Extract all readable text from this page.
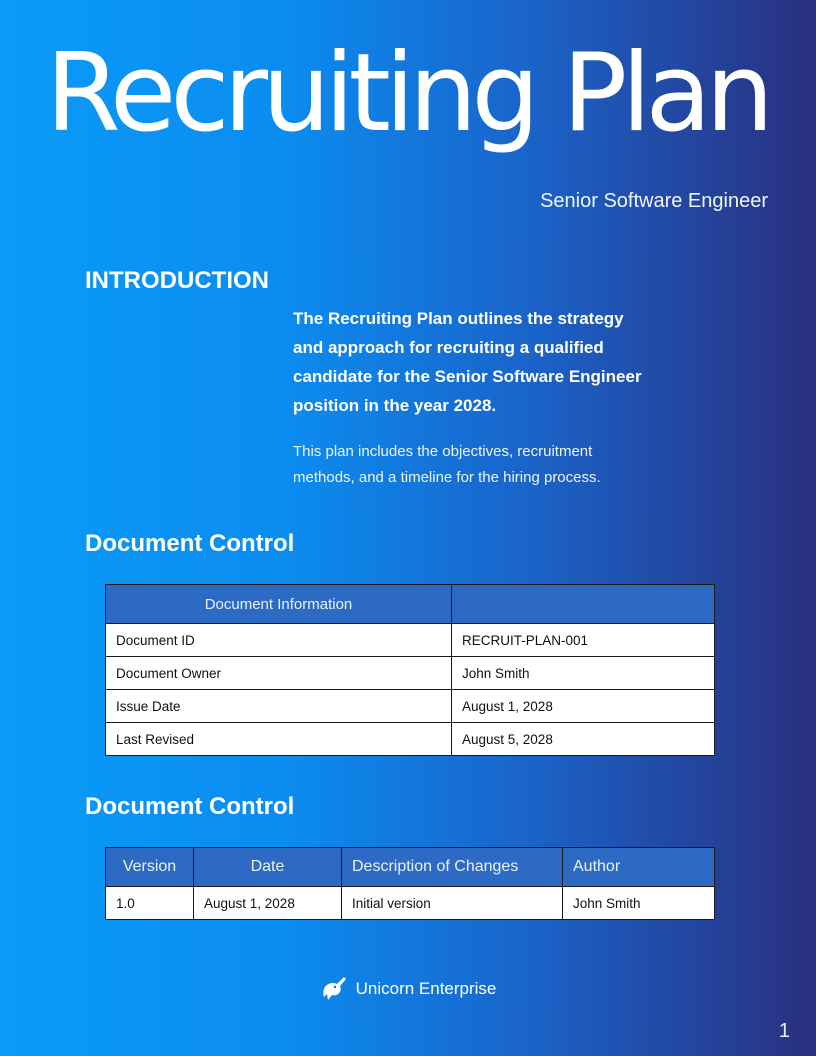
Recruiting Plan
Senior Software Engineer
INTRODUCTION

The Recruiting Plan outlines the strategy and approach for recruiting a qualified candidate for the Senior Software Engineer position in the year 2028.

This plan includes the objectives, recruitment methods, and a timeline for the hiring process.

Document Control
Document Information	
Document ID	RECRUIT-PLAN-001
Document Owner	John Smith
Issue Date	August 1, 2028
Last Revised	August 5, 2028
Document Control
Version	Date	Description of Changes	Author
1.0	August 1, 2028	Initial version	John Smith
Unicorn Enterprise
1
